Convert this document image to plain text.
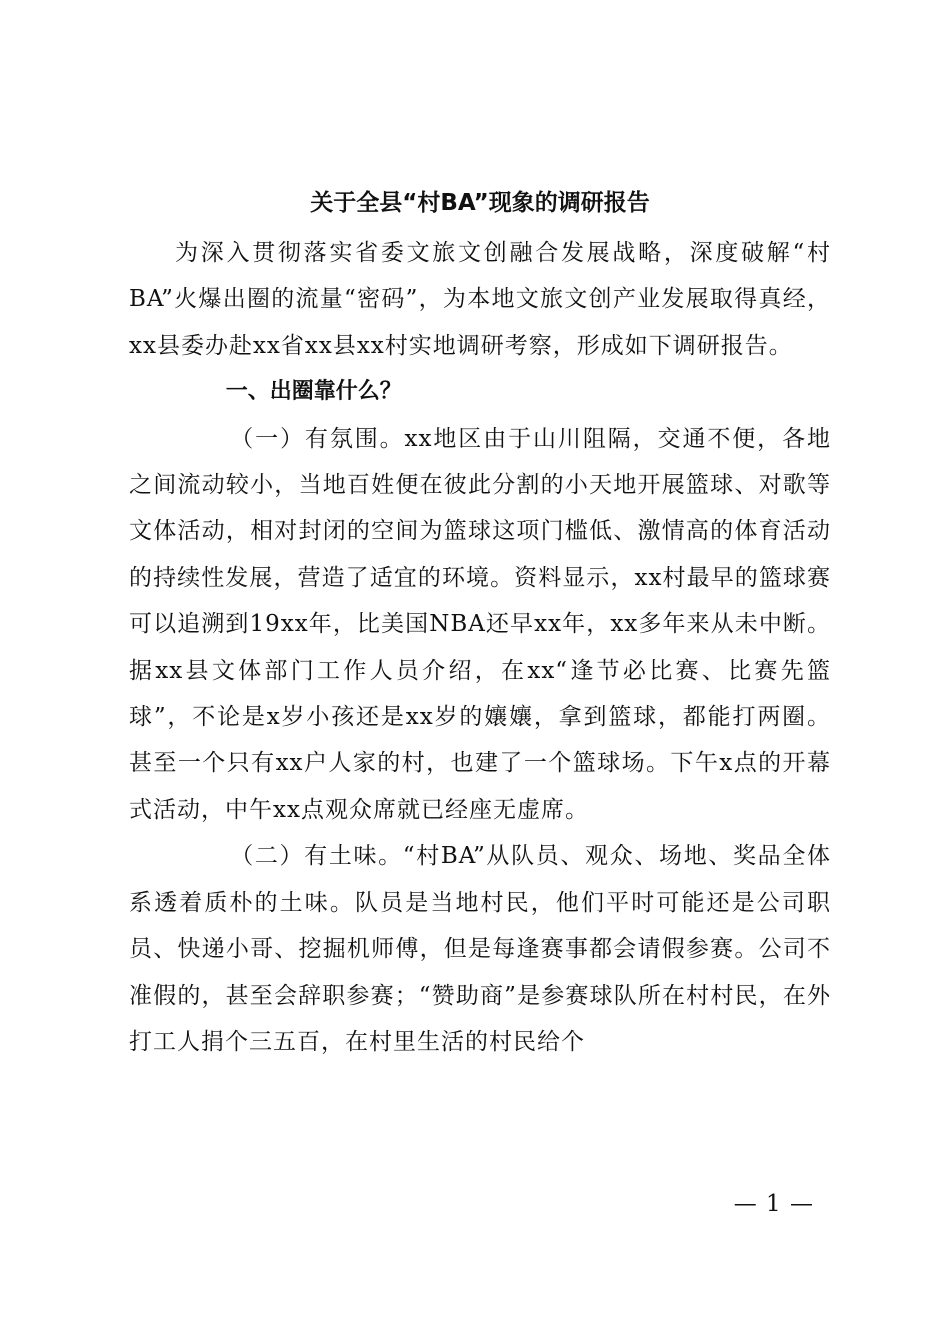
关于全县“村BA”现象的调研报告

为深入贯彻落实省委文旅文创融合发展战略，深度破解“村BA”火爆出圈的流量“密码”，为本地文旅文创产业发展取得真经，xx县委办赴xx省xx县xx村实地调研考察，形成如下调研报告。

一、出圈靠什么？

（一）有氛围。xx地区由于山川阻隔，交通不便，各地之间流动较小，当地百姓便在彼此分割的小天地开展篮球、对歌等文体活动，相对封闭的空间为篮球这项门槛低、激情高的体育活动的持续性发展，营造了适宜的环境。资料显示，xx村最早的篮球赛可以追溯到19xx年，比美国NBA还早xx年，xx多年来从未中断。据xx县文体部门工作人员介绍，在xx“逢节必比赛、比赛先篮球”，不论是x岁小孩还是xx岁的孃孃，拿到篮球，都能打两圈。甚至一个只有xx户人家的村，也建了一个篮球场。下午x点的开幕式活动，中午xx点观众席就已经座无虚席。

（二）有土味。“村BA”从队员、观众、场地、奖品全体系透着质朴的土味。队员是当地村民，他们平时可能还是公司职员、快递小哥、挖掘机师傅，但是每逢赛事都会请假参赛。公司不准假的，甚至会辞职参赛；“赞助商”是参赛球队所在村村民，在外打工人捐个三五百，在村里生活的村民给个

— 1 —
